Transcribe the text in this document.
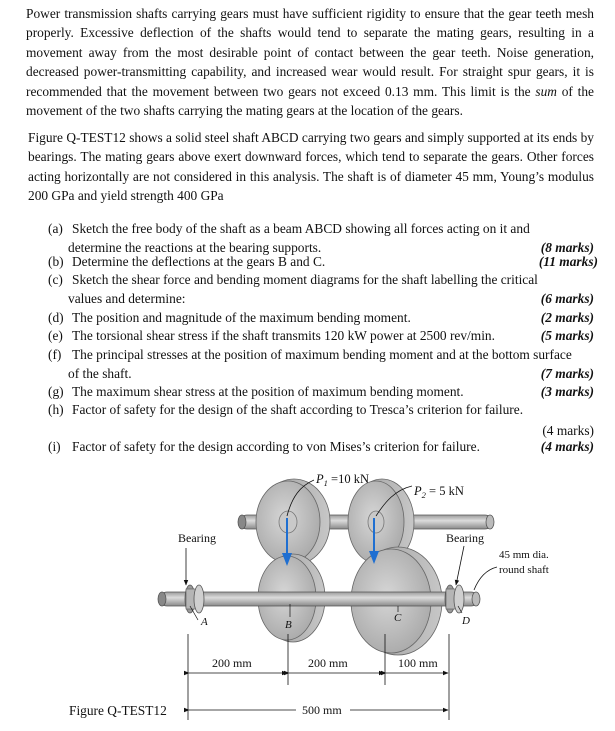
Power transmission shafts carrying gears must have sufficient rigidity to ensure that the gear teeth mesh properly. Excessive deflection of the shafts would tend to separate the mating gears, resulting in a movement away from the most desirable point of contact between the gear teeth. Noise generation, decreased power-transmitting capability, and increased wear would result. For straight spur gears, it is recommended that the movement between two gears not exceed 0.13 mm. This limit is the sum of the movement of the two shafts carrying the mating gears at the location of the gears.
Figure Q-TEST12 shows a solid steel shaft ABCD carrying two gears and simply supported at its ends by bearings. The mating gears above exert downward forces, which tend to separate the gears. Other forces acting horizontally are not considered in this analysis. The shaft is of diameter 45 mm, Young’s modulus 200 GPa and yield strength 400 GPa
(a) Sketch the free body of the shaft as a beam ABCD showing all forces acting on it and
determine the reactions at the bearing supports.	(8 marks)
(b) Determine the deflections at the gears B and C.	(11 marks)
(c) Sketch the shear force and bending moment diagrams for the shaft labelling the critical
values and determine:	(6 marks)
(d) The position and magnitude of the maximum bending moment.	(2 marks)
(e) The torsional shear stress if the shaft transmits 120 kW power at 2500 rev/min.	(5 marks)
(f) The principal stresses at the position of maximum bending moment and at the bottom surface
of the shaft.	(7 marks)
(g) The maximum shear stress at the position of maximum bending moment.	(3 marks)
(h) Factor of safety for the design of the shaft according to Tresca’s criterion for failure.
(4 marks)
(i) Factor of safety for the design according to von Mises’s criterion for failure.	(4 marks)
$P_1 =10$ kN
$P_2 = 5$ kN
Bearing	Bearing
45 mm dia.
round shaft
A	B
C	D
200 mm	200 mm	100 mm
500 mm
Figure Q-TEST12
